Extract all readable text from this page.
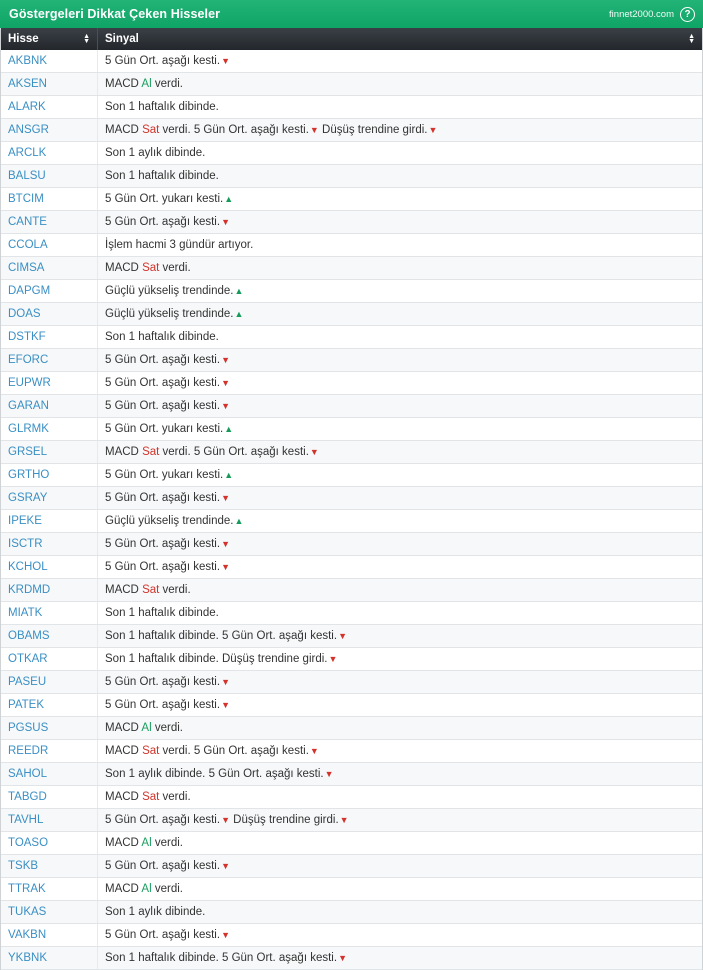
Göstergeleri Dikkat Çeken Hisseler	finnet2000.com	?
Hisse ▲
▼	Sinyal ▲
▼

AKBNK	5 Gün Ort. aşağı kesti.▼
AKSEN	MACD Al verdi.
ALARK	Son 1 haftalık dibinde.
ANSGR	MACD Sat verdi. 5 Gün Ort. aşağı kesti.▼ Düşüş trendine girdi.▼
ARCLK	Son 1 aylık dibinde.
BALSU	Son 1 haftalık dibinde.
BTCIM	5 Gün Ort. yukarı kesti.▲
CANTE	5 Gün Ort. aşağı kesti.▼
CCOLA	İşlem hacmi 3 gündür artıyor.
CIMSA	MACD Sat verdi.
DAPGM	Güçlü yükseliş trendinde.▲
DOAS	Güçlü yükseliş trendinde.▲
DSTKF	Son 1 haftalık dibinde.
EFORC	5 Gün Ort. aşağı kesti.▼
EUPWR	5 Gün Ort. aşağı kesti.▼
GARAN	5 Gün Ort. aşağı kesti.▼
GLRMK	5 Gün Ort. yukarı kesti.▲
GRSEL	MACD Sat verdi. 5 Gün Ort. aşağı kesti.▼
GRTHO	5 Gün Ort. yukarı kesti.▲
GSRAY	5 Gün Ort. aşağı kesti.▼
IPEKE	Güçlü yükseliş trendinde.▲
ISCTR	5 Gün Ort. aşağı kesti.▼
KCHOL	5 Gün Ort. aşağı kesti.▼
KRDMD	MACD Sat verdi.
MIATK	Son 1 haftalık dibinde.
OBAMS	Son 1 haftalık dibinde. 5 Gün Ort. aşağı kesti.▼
OTKAR	Son 1 haftalık dibinde. Düşüş trendine girdi.▼
PASEU	5 Gün Ort. aşağı kesti.▼
PATEK	5 Gün Ort. aşağı kesti.▼
PGSUS	MACD Al verdi.
REEDR	MACD Sat verdi. 5 Gün Ort. aşağı kesti.▼
SAHOL	Son 1 aylık dibinde. 5 Gün Ort. aşağı kesti.▼
TABGD	MACD Sat verdi.
TAVHL	5 Gün Ort. aşağı kesti.▼ Düşüş trendine girdi.▼
TOASO	MACD Al verdi.
TSKB	5 Gün Ort. aşağı kesti.▼
TTRAK	MACD Al verdi.
TUKAS	Son 1 aylık dibinde.
VAKBN	5 Gün Ort. aşağı kesti.▼
YKBNK	Son 1 haftalık dibinde. 5 Gün Ort. aşağı kesti.▼
